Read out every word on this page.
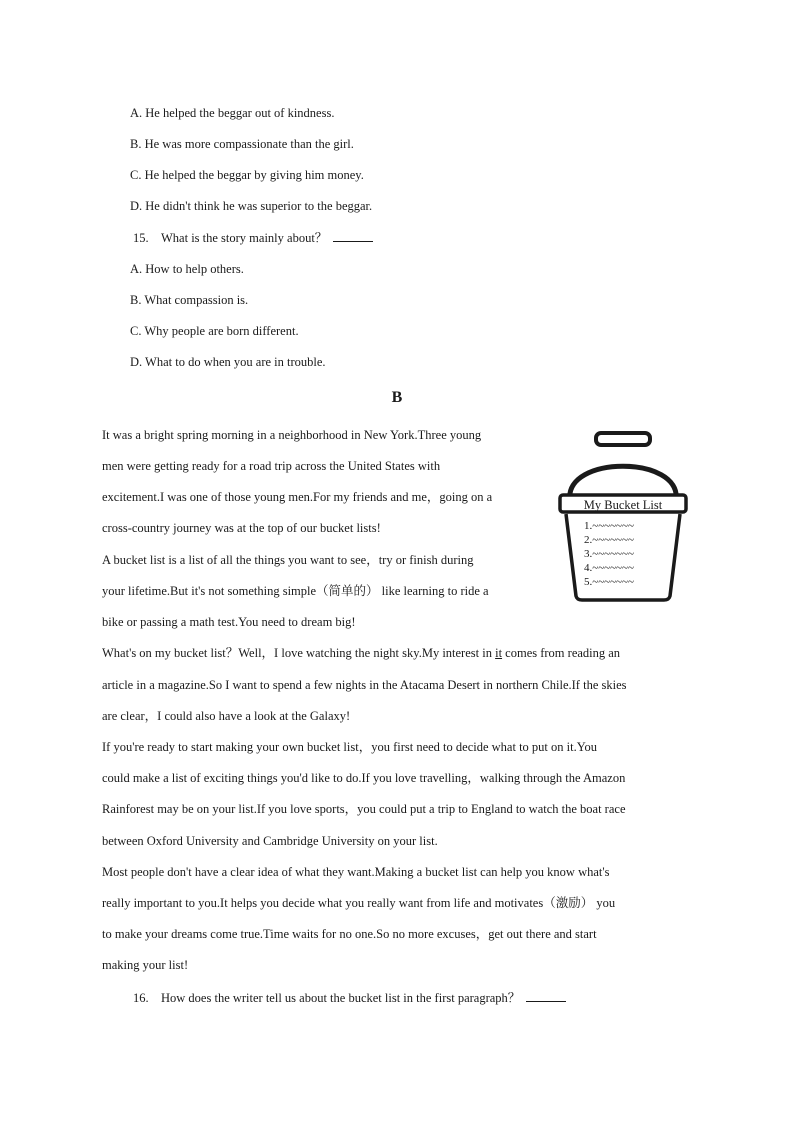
A. He helped the beggar out of kindness.
B. He was more compassionate than the girl.
C. He helped the beggar by giving him money.
D. He didn't think he was superior to the beggar.
15. What is the story mainly about？
A. How to help others.
B. What compassion is.
C. Why people are born different.
D. What to do when you are in trouble.
B
It was a bright spring morning in a neighborhood in New York.Three young
men were getting ready for a road trip across the United States with
excitement.I was one of those young men.For my friends and me，going on a
cross-country journey was at the top of our bucket lists!
A bucket list is a list of all the things you want to see，try or finish during
your lifetime.But it's not something simple（简单的） like learning to ride a
bike or passing a math test.You need to dream big!
What's on my bucket list？Well，I love watching the night sky.My interest in it comes from reading an
article in a magazine.So I want to spend a few nights in the Atacama Desert in northern Chile.If the skies
are clear，I could also have a look at the Galaxy!
If you're ready to start making your own bucket list，you first need to decide what to put on it.You
could make a list of exciting things you'd like to do.If you love travelling，walking through the Amazon
Rainforest may be on your list.If you love sports，you could put a trip to England to watch the boat race
between Oxford University and Cambridge University on your list.
Most people don't have a clear idea of what they want.Making a bucket list can help you know what's
really important to you.It helps you decide what you really want from life and motivates（激励） you
to make your dreams come true.Time waits for no one.So no more excuses，get out there and start
making your list!
16. How does the writer tell us about the bucket list in the first paragraph？
My Bucket List
1.~~~~~~~
2.~~~~~~~
3.~~~~~~~
4.~~~~~~~
5.~~~~~~~
